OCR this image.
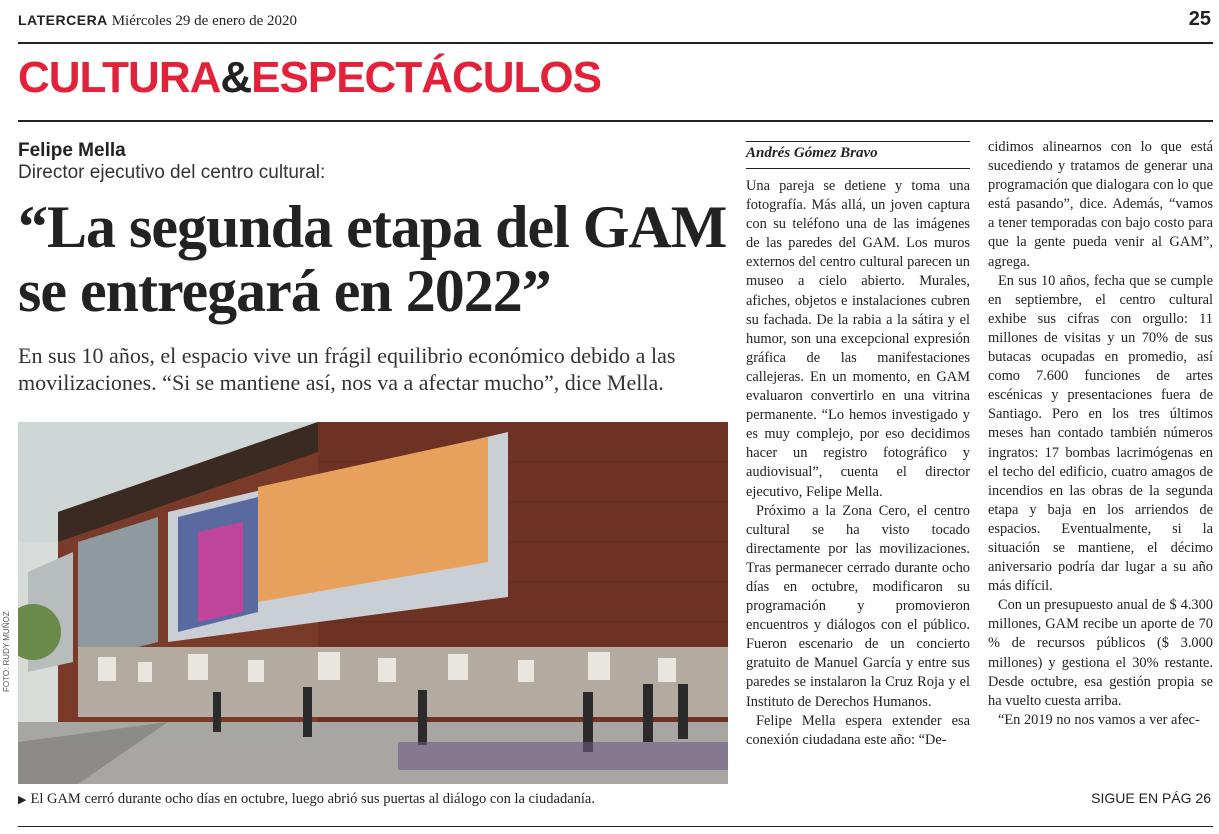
LATERCERA Miércoles 29 de enero de 2020	25
CULTURA&ESPECTÁCULOS
Felipe Mella
Director ejecutivo del centro cultural:
“La segunda etapa del GAM se entregará en 2022”
En sus 10 años, el espacio vive un frágil equilibrio económico debido a las movilizaciones. “Si se mantiene así, nos va a afectar mucho”, dice Mella.
FOTO: RUDY MUÑOZ
▶ El GAM cerró durante ocho días en octubre, luego abrió sus puertas al diálogo con la ciudadanía.
Andrés Gómez Bravo

Una pareja se detiene y toma una fotografía. Más allá, un joven captura con su teléfono una de las imágenes de las paredes del GAM. Los muros externos del centro cultural parecen un museo a cielo abierto. Murales, afiches, objetos e instalaciones cubren su fachada. De la rabia a la sátira y el humor, son una excepcional expresión gráfica de las manifestaciones callejeras. En un momento, en GAM evaluaron convertirlo en una vitrina permanente. “Lo hemos investigado y es muy complejo, por eso decidimos hacer un registro fotográfico y audiovisual”, cuenta el director ejecutivo, Felipe Mella.

Próximo a la Zona Cero, el centro cultural se ha visto tocado directamente por las movilizaciones. Tras permanecer cerrado durante ocho días en octubre, modificaron su programación y promovieron encuentros y diálogos con el público. Fueron escenario de un concierto gratuito de Manuel García y entre sus paredes se instalaron la Cruz Roja y el Instituto de Derechos Humanos.

Felipe Mella espera extender esa conexión ciudadana este año: “De-

cidimos alinearnos con lo que está sucediendo y tratamos de generar una programación que dialogara con lo que está pasando”, dice. Además, “vamos a tener temporadas con bajo costo para que la gente pueda venir al GAM”, agrega.

En sus 10 años, fecha que se cumple en septiembre, el centro cultural exhibe sus cifras con orgullo: 11 millones de visitas y un 70% de sus butacas ocupadas en promedio, así como 7.600 funciones de artes escénicas y presentaciones fuera de Santiago. Pero en los tres últimos meses han contado también números ingratos: 17 bombas lacrimógenas en el techo del edificio, cuatro amagos de incendios en las obras de la segunda etapa y baja en los arriendos de espacios. Eventualmente, si la situación se mantiene, el décimo aniversario podría dar lugar a su año más difícil.

Con un presupuesto anual de $ 4.300 millones, GAM recibe un aporte de 70 % de recursos públicos ($ 3.000 millones) y gestiona el 30% restante. Desde octubre, esa gestión propia se ha vuelto cuesta arriba.

“En 2019 no nos vamos a ver afec-

SIGUE EN PÁG 26
